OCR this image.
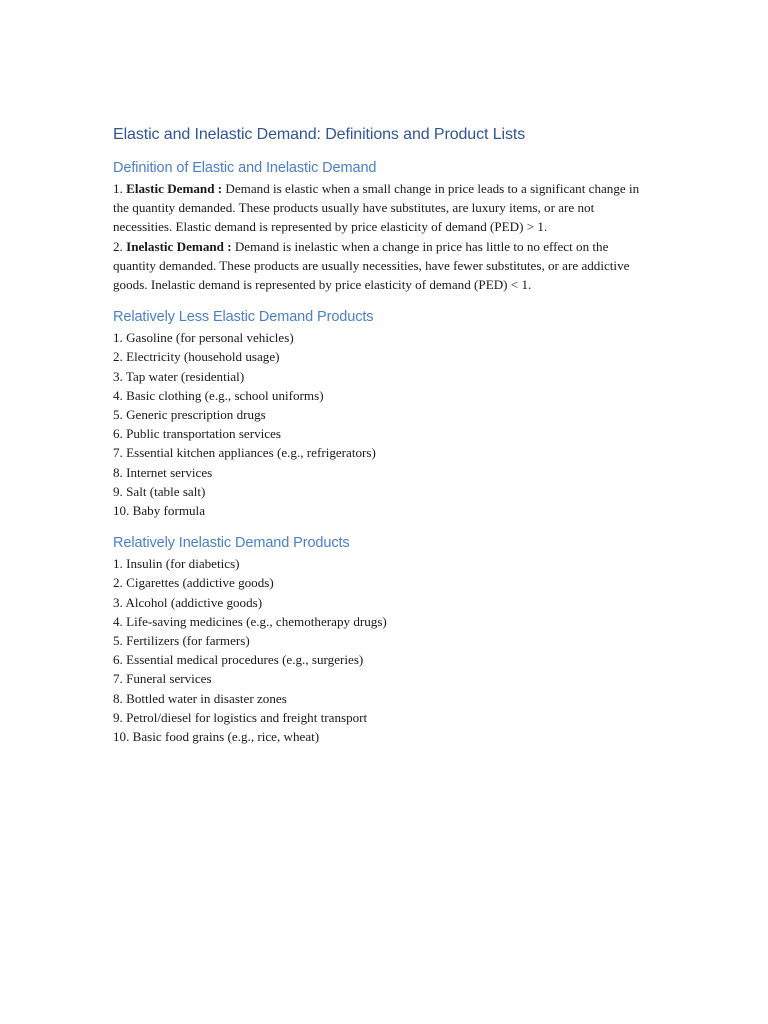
Elastic and Inelastic Demand: Definitions and Product Lists
Definition of Elastic and Inelastic Demand

1. Elastic Demand : Demand is elastic when a small change in price leads to a significant change in the quantity demanded. These products usually have substitutes, are luxury items, or are not necessities. Elastic demand is represented by price elasticity of demand (PED) > 1.

2. Inelastic Demand : Demand is inelastic when a change in price has little to no effect on the quantity demanded. These products are usually necessities, have fewer substitutes, or are addictive goods. Inelastic demand is represented by price elasticity of demand (PED) < 1.

Relatively Less Elastic Demand Products
1. Gasoline (for personal vehicles)
2. Electricity (household usage)
3. Tap water (residential)
4. Basic clothing (e.g., school uniforms)
5. Generic prescription drugs
6. Public transportation services
7. Essential kitchen appliances (e.g., refrigerators)
8. Internet services
9. Salt (table salt)
10. Baby formula
Relatively Inelastic Demand Products
1. Insulin (for diabetics)
2. Cigarettes (addictive goods)
3. Alcohol (addictive goods)
4. Life-saving medicines (e.g., chemotherapy drugs)
5. Fertilizers (for farmers)
6. Essential medical procedures (e.g., surgeries)
7. Funeral services
8. Bottled water in disaster zones
9. Petrol/diesel for logistics and freight transport
10. Basic food grains (e.g., rice, wheat)
